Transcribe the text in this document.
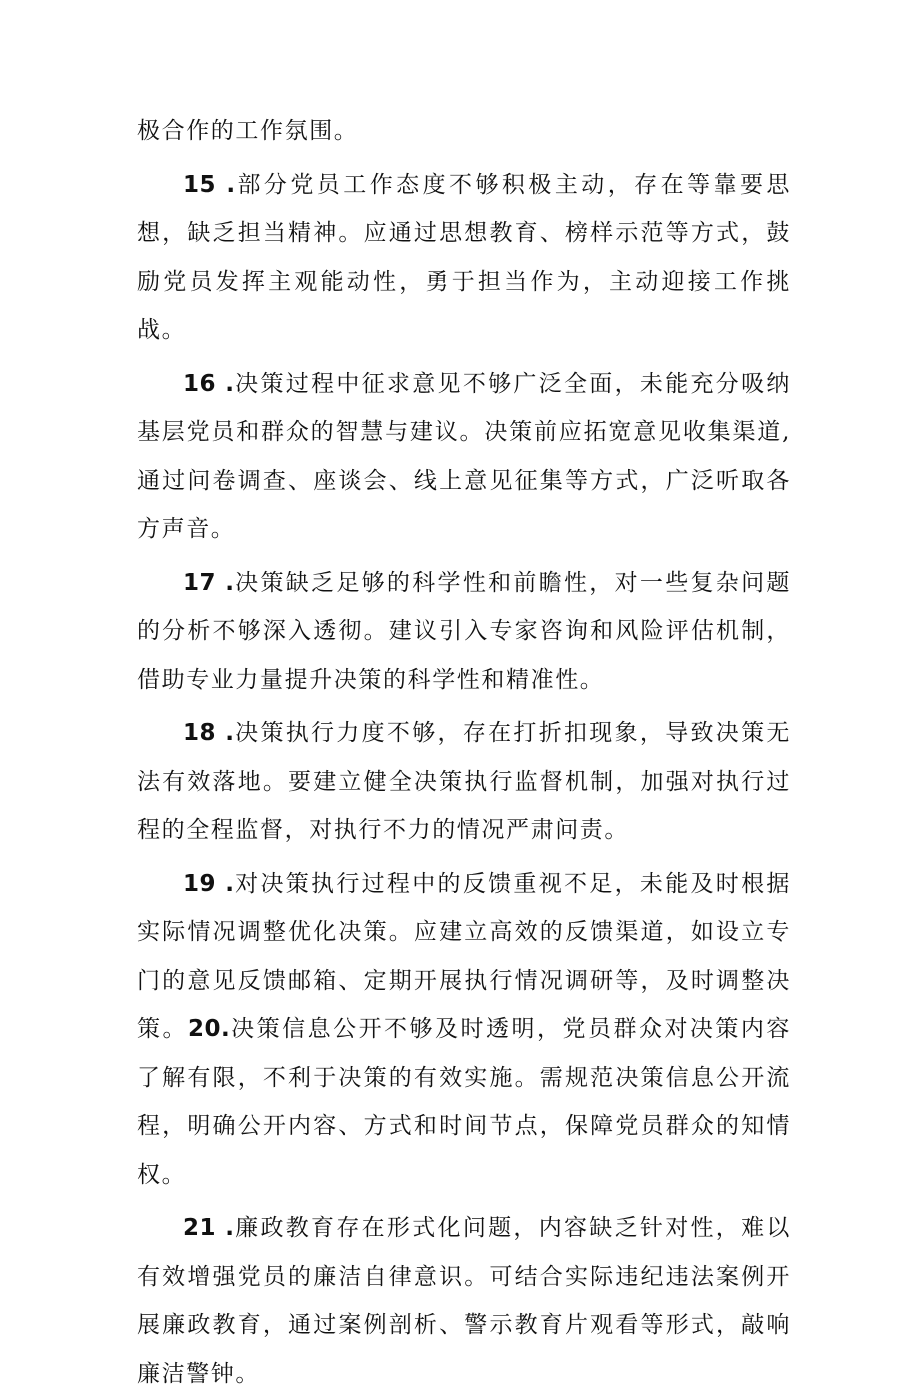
极合作的工作氛围。

15 .部分党员工作态度不够积极主动，存在等靠要思想，缺乏担当精神。应通过思想教育、榜样示范等方式，鼓励党员发挥主观能动性，勇于担当作为，主动迎接工作挑战。

16 .决策过程中征求意见不够广泛全面，未能充分吸纳基层党员和群众的智慧与建议。决策前应拓宽意见收集渠道,通过问卷调查、座谈会、线上意见征集等方式，广泛听取各方声音。

17 .决策缺乏足够的科学性和前瞻性，对一些复杂问题的分析不够深入透彻。建议引入专家咨询和风险评估机制，借助专业力量提升决策的科学性和精准性。

18 .决策执行力度不够，存在打折扣现象，导致决策无法有效落地。要建立健全决策执行监督机制，加强对执行过程的全程监督，对执行不力的情况严肃问责。

19 .对决策执行过程中的反馈重视不足，未能及时根据实际情况调整优化决策。应建立高效的反馈渠道，如设立专门的意见反馈邮箱、定期开展执行情况调研等，及时调整决策。20.决策信息公开不够及时透明，党员群众对决策内容了解有限，不利于决策的有效实施。需规范决策信息公开流程，明确公开内容、方式和时间节点，保障党员群众的知情权。

21 .廉政教育存在形式化问题，内容缺乏针对性，难以有效增强党员的廉洁自律意识。可结合实际违纪违法案例开展廉政教育，通过案例剖析、警示教育片观看等形式，敲响廉洁警钟。
